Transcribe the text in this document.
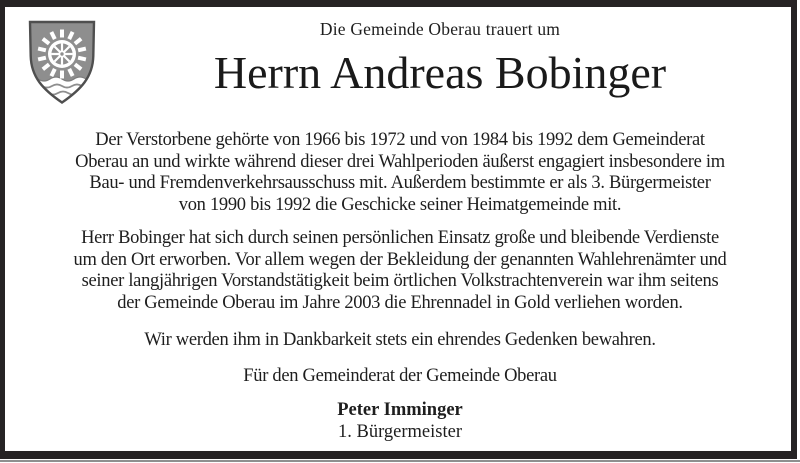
Die Gemeinde Oberau trauert um
Herrn Andreas Bobinger
Der Verstorbene gehörte von 1966 bis 1972 und von 1984 bis 1992 dem Gemeinderat
Oberau an und wirkte während dieser drei Wahlperioden äußerst engagiert insbesondere im
Bau- und Fremdenverkehrsausschuss mit. Außerdem bestimmte er als 3. Bürgermeister
von 1990 bis 1992 die Geschicke seiner Heimatgemeinde mit.
Herr Bobinger hat sich durch seinen persönlichen Einsatz große und bleibende Verdienste
um den Ort erworben. Vor allem wegen der Bekleidung der genannten Wahlehrenämter und
seiner langjährigen Vorstandstätigkeit beim örtlichen Volkstrachtenverein war ihm seitens
der Gemeinde Oberau im Jahre 2003 die Ehrennadel in Gold verliehen worden.
Wir werden ihm in Dankbarkeit stets ein ehrendes Gedenken bewahren.
Für den Gemeinderat der Gemeinde Oberau
Peter Imminger
1. Bürgermeister
